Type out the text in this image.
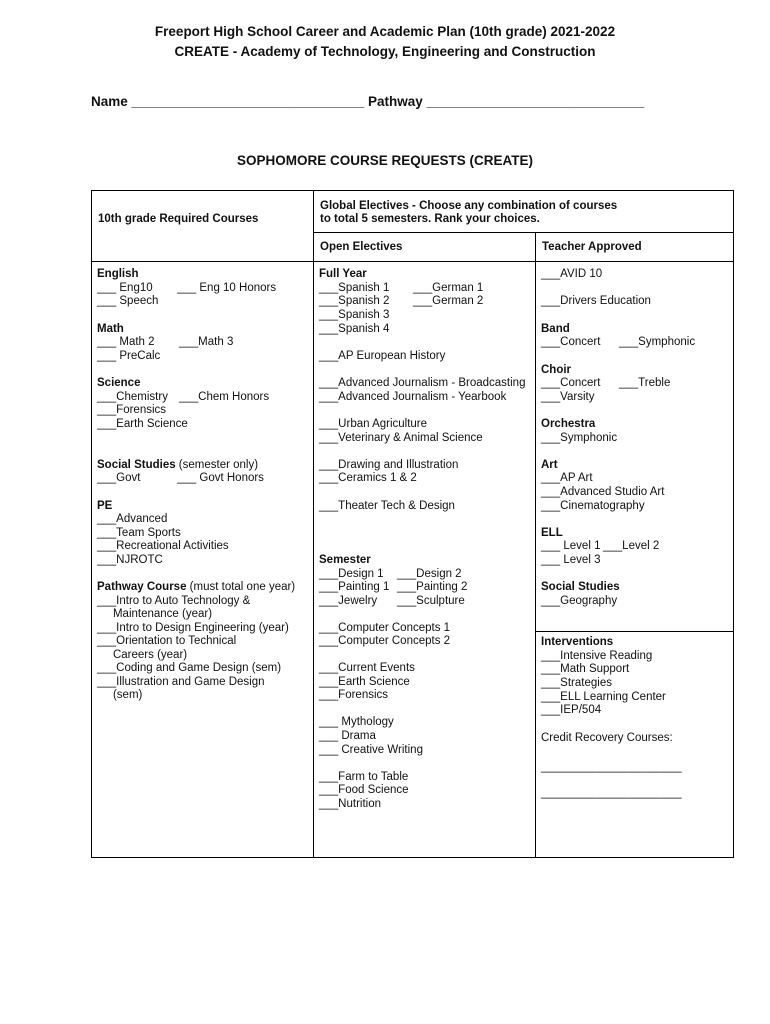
Freeport High School Career and Academic Plan (10th grade) 2021-2022
CREATE - Academy of Technology, Engineering and Construction
Name _______________________________ Pathway _____________________________
SOPHOMORE COURSE REQUESTS (CREATE)
10th grade Required Courses
Global Electives - Choose any combination of courses
to total 5 semesters. Rank your choices.
Open Electives	Teacher Approved
English
___ Eng10 ___ Eng 10 Honors
___ Speech
Math
___ Math 2 ___Math 3
___ PreCalc
Science
___Chemistry ___Chem Honors
___Forensics
___Earth Science
Social Studies (semester only)
___Govt	___ Govt Honors
PE
___Advanced
___Team Sports
___Recreational Activities
___NJROTC
Pathway Course (must total one year)
___Intro to Auto Technology &
Maintenance (year)
___Intro to Design Engineering (year)
___Orientation to Technical
Careers (year)
___Coding and Game Design (sem)
___Illustration and Game Design
(sem)
Full Year
___Spanish 1
___Spanish 2
___Spanish 3
___Spanish 4
___German 1
___German 2
___AP European History
___Advanced Journalism - Broadcasting
___Advanced Journalism - Yearbook
___Urban Agriculture
___Veterinary & Animal Science
___Drawing and Illustration
___Ceramics 1 & 2
___Theater Tech & Design
Semester
___Design 1
___Painting 1
___Jewelry
___Design 2
___Painting 2
___Sculpture
___Computer Concepts 1
___Computer Concepts 2
___Current Events
___Earth Science
___Forensics
___ Mythology
___ Drama
___ Creative Writing
___Farm to Table
___Food Science
___Nutrition
___AVID 10
___Drivers Education
Band
___Concert ___Symphonic
Choir
___Concert ___Treble
___Varsity
Orchestra
___Symphonic
Art
___AP Art
___Advanced Studio Art
___Cinematography
ELL
___ Level 1 ___Level 2
___ Level 3
Social Studies
___Geography
Interventions
___Intensive Reading
___Math Support
___Strategies
___ELL Learning Center
___IEP/504
Credit Recovery Courses:
______________________
______________________
